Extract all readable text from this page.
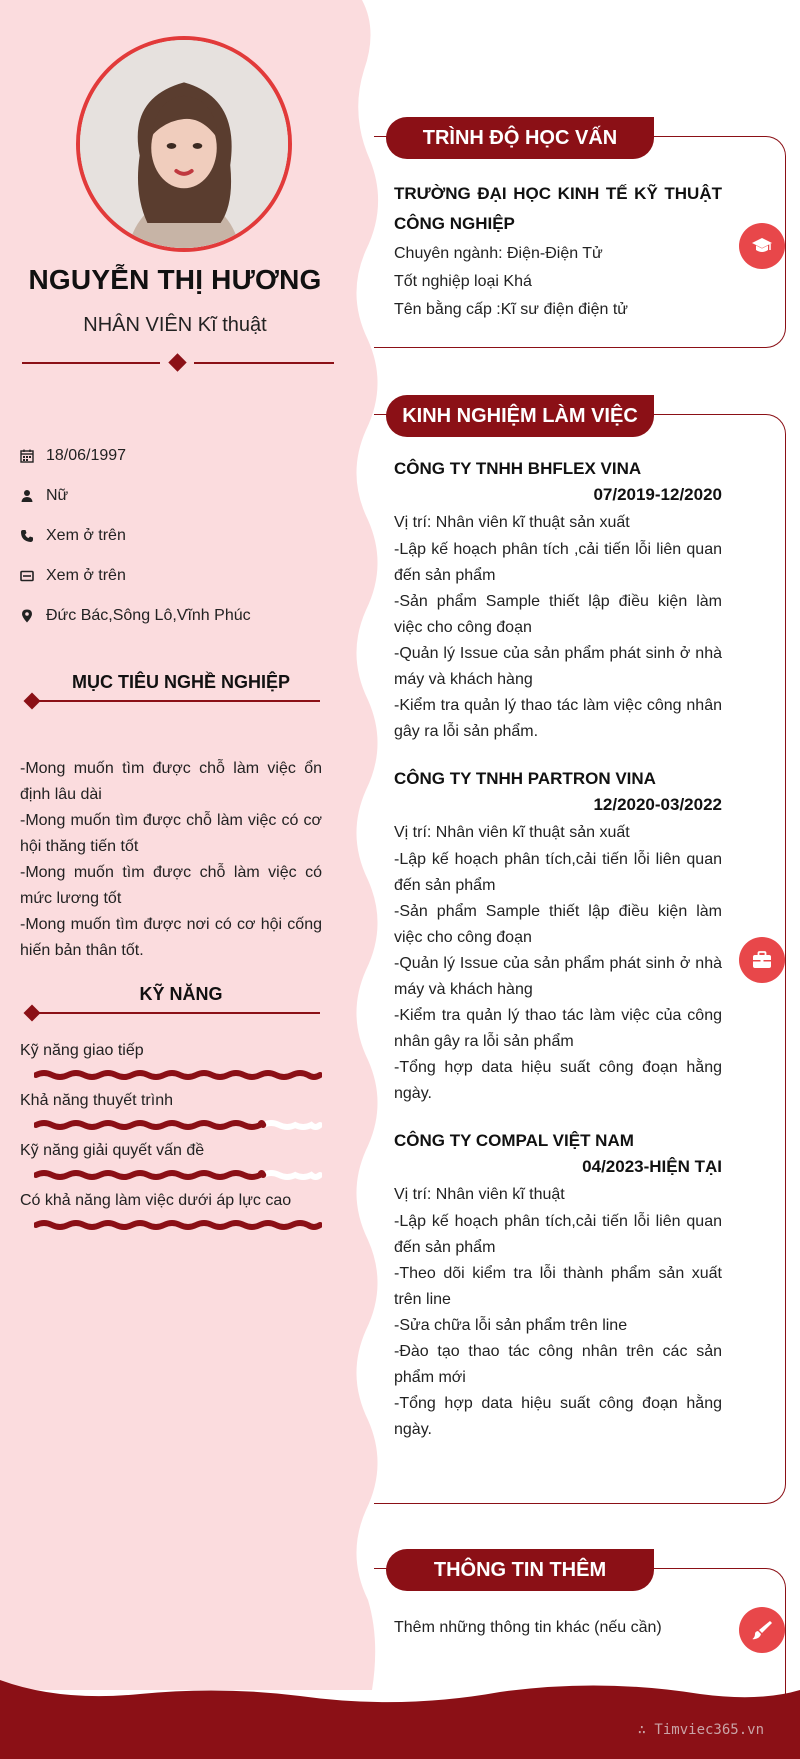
NGUYỄN THỊ HƯƠNG
NHÂN VIÊN Kĩ thuật
18/06/1997
Nữ
Xem ở trên
Xem ở trên
Đức Bác,Sông Lô,Vĩnh Phúc
MỤC TIÊU NGHỀ NGHIỆP

-Mong muốn tìm được chỗ làm việc ổn định lâu dài

-Mong muốn tìm được chỗ làm việc có cơ hội thăng tiến tốt

-Mong muốn tìm được chỗ làm việc có mức lương tốt

-Mong muốn tìm được nơi có cơ hội cống hiến bản thân tốt.

KỸ NĂNG
Kỹ năng giao tiếp
Khả năng thuyết trình
Kỹ năng giải quyết vấn đề
Có khả năng làm việc dưới áp lực cao
TRÌNH ĐỘ HỌC VẤN
TRƯỜNG ĐẠI HỌC KINH TẾ KỸ THUẬT CÔNG NGHIỆP
Chuyên ngành: Điện-Điện Tử
Tốt nghiệp loại Khá
Tên bằng cấp :Kĩ sư điện điện tử
KINH NGHIỆM LÀM VIỆC
CÔNG TY TNHH BHFLEX VINA
07/2019-12/2020
Vị trí: Nhân viên kĩ thuật sản xuất
-Lập kế hoạch phân tích ,cải tiến lỗi liên quan đến sản phẩm
-Sản phẩm Sample thiết lập điều kiện làm việc cho công đoạn
-Quản lý Issue của sản phẩm phát sinh ở nhà máy và khách hàng
-Kiểm tra quản lý thao tác làm việc công nhân gây ra lỗi sản phẩm.
CÔNG TY TNHH PARTRON VINA
12/2020-03/2022
Vị trí: Nhân viên kĩ thuật sản xuất
-Lập kế hoạch phân tích,cải tiến lỗi liên quan đến sản phẩm
-Sản phẩm Sample thiết lập điều kiện làm việc cho công đoạn
-Quản lý Issue của sản phẩm phát sinh ở nhà máy và khách hàng
-Kiểm tra quản lý thao tác làm việc của công nhân gây ra lỗi sản phẩm
-Tổng hợp data hiệu suất công đoạn hằng ngày.
CÔNG TY COMPAL VIỆT NAM
04/2023-HIỆN TẠI
Vị trí: Nhân viên kĩ thuật
-Lập kế hoạch phân tích,cải tiến lỗi liên quan đến sản phẩm
-Theo dõi kiểm tra lỗi thành phẩm sản xuất trên line
-Sửa chữa lỗi sản phẩm trên line
-Đào tạo thao tác công nhân trên các sản phẩm mới
-Tổng hợp data hiệu suất công đoạn hằng ngày.
THÔNG TIN THÊM
Thêm những thông tin khác (nếu cần)
∴ Timviec365.vn
